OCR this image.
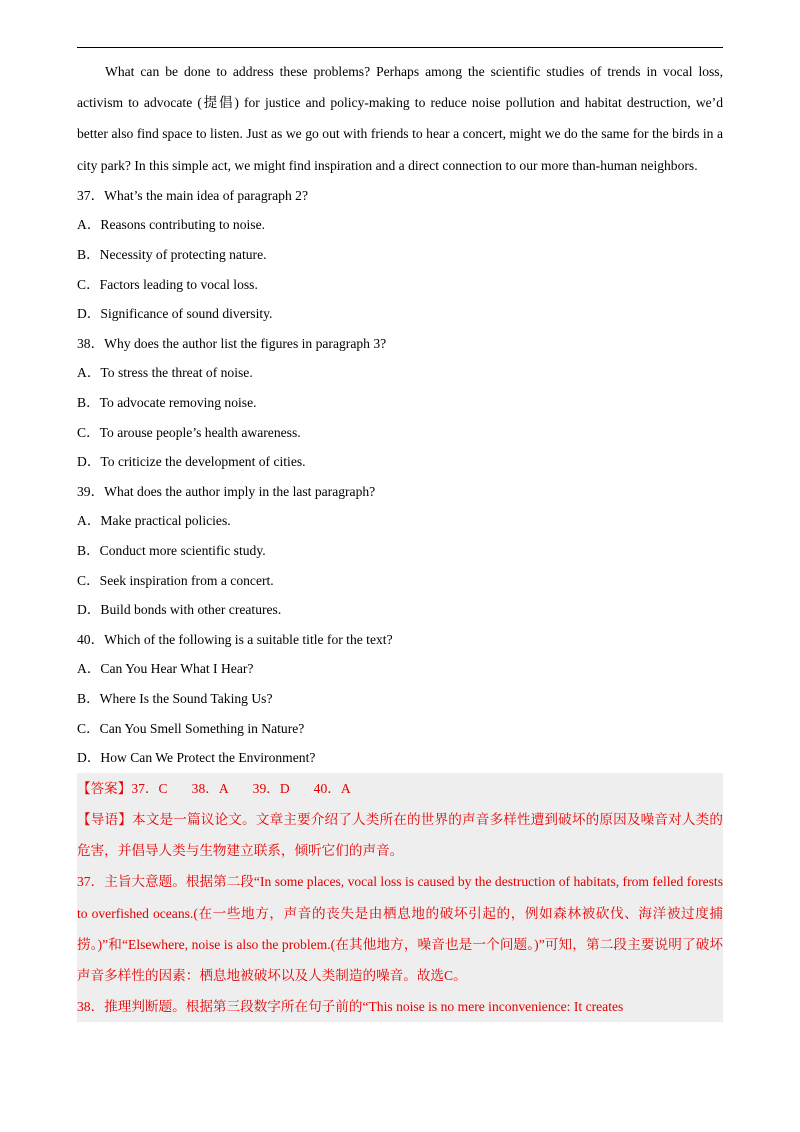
What can be done to address these problems? Perhaps among the scientific studies of trends in vocal loss, activism to advocate (提倡) for justice and policy-making to reduce noise pollution and habitat destruction, we’d better also find space to listen. Just as we go out with friends to hear a concert, might we do the same for the birds in a city park? In this simple act, we might find inspiration and a direct connection to our more than-human neighbors.

37．What’s the main idea of paragraph 2?

A．Reasons contributing to noise.

B．Necessity of protecting nature.

C．Factors leading to vocal loss.

D．Significance of sound diversity.

38．Why does the author list the figures in paragraph 3?

A．To stress the threat of noise.

B．To advocate removing noise.

C．To arouse people’s health awareness.

D．To criticize the development of cities.

39．What does the author imply in the last paragraph?

A．Make practical policies.

B．Conduct more scientific study.

C．Seek inspiration from a concert.

D．Build bonds with other creatures.

40．Which of the following is a suitable title for the text?

A．Can You Hear What I Hear?

B．Where Is the Sound Taking Us?

C．Can You Smell Something in Nature?

D．How Can We Protect the Environment?

【答案】37．C 38．A 39．D 40．A

【导语】本文是一篇议论文。文章主要介绍了人类所在的世界的声音多样性遭到破坏的原因及噪音对人类的危害，并倡导人类与生物建立联系，倾听它们的声音。

37．主旨大意题。根据第二段“In some places, vocal loss is caused by the destruction of habitats, from felled forests to overfished oceans.(在一些地方，声音的丧失是由栖息地的破坏引起的，例如森林被砍伐、海洋被过度捕捞。)”和“Elsewhere, noise is also the problem.(在其他地方，噪音也是一个问题。)”可知，第二段主要说明了破坏声音多样性的因素：栖息地被破坏以及人类制造的噪音。故选C。

38．推理判断题。根据第三段数字所在句子前的“This noise is no mere inconvenience: It creates
